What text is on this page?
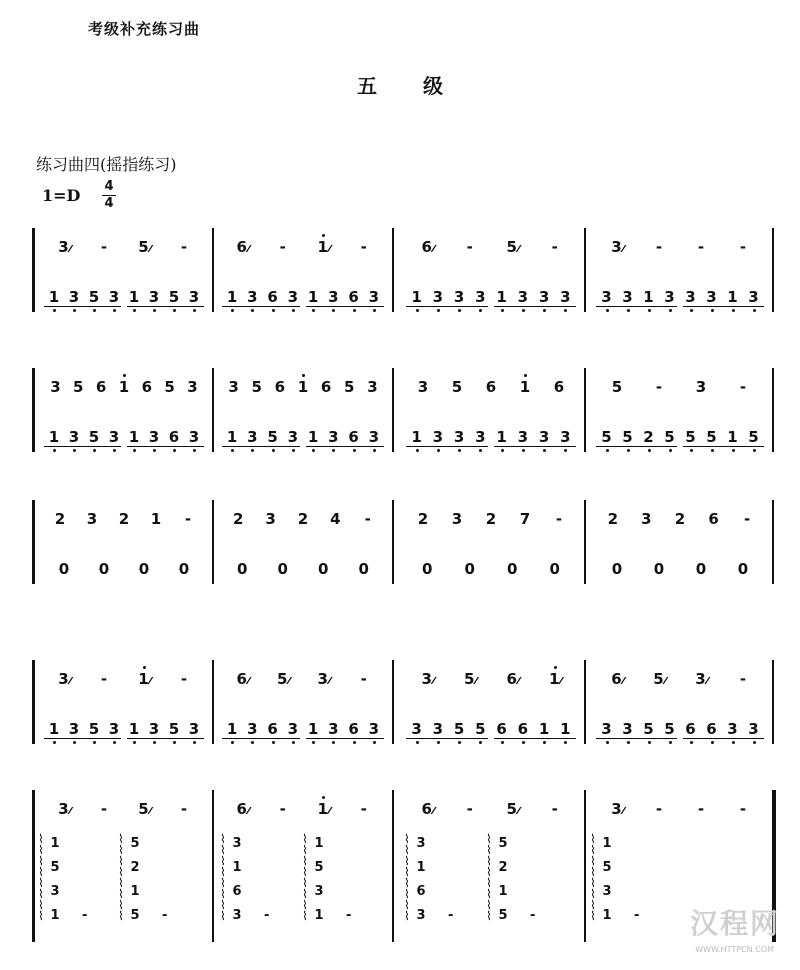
考级补充练习曲
五级
练习曲四(摇指练习)
1=D 4
4
3 - 5 -	6 - 1 -	6 - 5 -	3 - - -
1 3 5 3 1 3 5 3 1 3 6 3 1 3 6 3 1 3 3 3 1 3 3 3 3 3 1 3 3 3 1 3
3 5 6 1 6 5 3 3 5 6 1 6 5 3	3 5 6 1 6	5 - 3 -
1 3 5 3 1 3 6 3 1 3 5 3 1 3 6 3 1 3 3 3 1 3 3 3 5 5 2 5 5 5 1 5
2 3 2 1 -	2 3 2 4 -	2 3 2 7 -	2 3 2 6 -
0 0 0 0	0 0 0 0	0 0 0 0	0 0 0 0
3 - 1 -	6 5 3 -	3 5 6 1	6 5 3 -
1 3 5 3 1 3 5 3 1 3 6 3 1 3 6 3 3 3 5 5 6 6 1 1 3 3 5 5 6 6 3 3
3 - 5 -	6 - 1 -	6 - 5 -	3 - - -
⌇
⌇
⌇
⌇
⌇
⌇
⌇
⌇
1
5
3
1 -
⌇
⌇
⌇
⌇
⌇
⌇
⌇
⌇
5
2
1
5 -
⌇
⌇
⌇
⌇
⌇
⌇
⌇
⌇
3
1
6
3 -
⌇
⌇
⌇
⌇
⌇
⌇
⌇
⌇
1
5
3
1 -
⌇
⌇
⌇
⌇
⌇
⌇
⌇
⌇
3
1
6
3 -
⌇
⌇
⌇
⌇
⌇
⌇
⌇
⌇
5
2
1
5 -
⌇
⌇
⌇
⌇
⌇
⌇
⌇
⌇
1
5
3
1 - 汉程网
WWW.HTTPCN.COM
